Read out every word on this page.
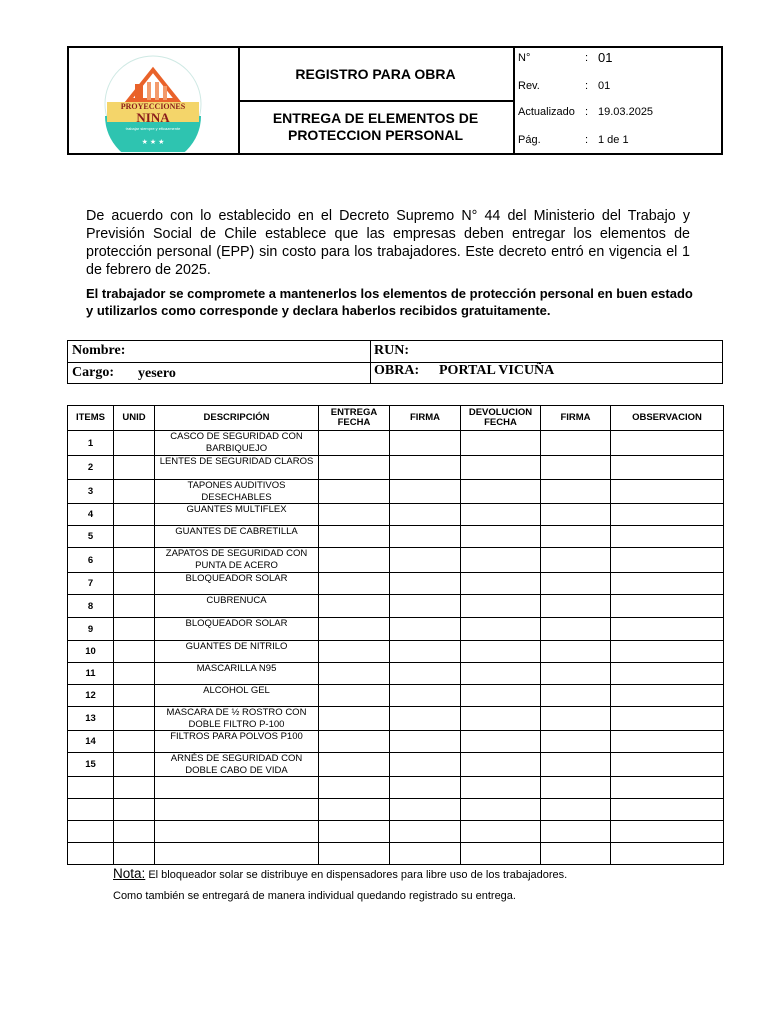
★ ★ ★
PROYECCIONES
NINA
trabajar siempre y eficazmente
REGISTRO PARA OBRA
ENTREGA DE ELEMENTOS DE PROTECCION PERSONAL
N°	: 01
Rev.	: 01
Actualizado : 19.03.2025
Pág.	: 1 de 1
De acuerdo con lo establecido en el Decreto Supremo N° 44 del Ministerio del Trabajo y Previsión Social de Chile establece que las empresas deben entregar los elementos de protección personal (EPP) sin costo para los trabajadores. Este decreto entró en vigencia el 1 de febrero de 2025.
El trabajador se compromete a mantenerlos los elementos de protección personal en buen estado y utilizarlos como corresponde y declara haberlos recibidos gratuitamente.
Nombre:	RUN:
Cargo: yesero	OBRA: PORTAL VICUÑA
ITEMS	UNID	DESCRIPCIÓN	ENTREGA FECHA	FIRMA	DEVOLUCION FECHA	FIRMA	OBSERVACION
1		CASCO DE SEGURIDAD CON BARBIQUEJO					
2		LENTES DE SEGURIDAD CLAROS					
3		TAPONES AUDITIVOS DESECHABLES					
4		GUANTES MULTIFLEX					
5		GUANTES DE CABRETILLA					
6		ZAPATOS DE SEGURIDAD CON PUNTA DE ACERO					
7		BLOQUEADOR SOLAR					
8		CUBRENUCA					
9		BLOQUEADOR SOLAR					
10		GUANTES DE NITRILO					
11		MASCARILLA N95					
12		ALCOHOL GEL					
13		MASCARA DE ½ ROSTRO CON DOBLE FILTRO P-100					
14		FILTROS PARA POLVOS P100					
15		ARNÉS DE SEGURIDAD CON DOBLE CABO DE VIDA					

Nota: El bloqueador solar se distribuye en dispensadores para libre uso de los trabajadores.
Como también se entregará de manera individual quedando registrado su entrega.
